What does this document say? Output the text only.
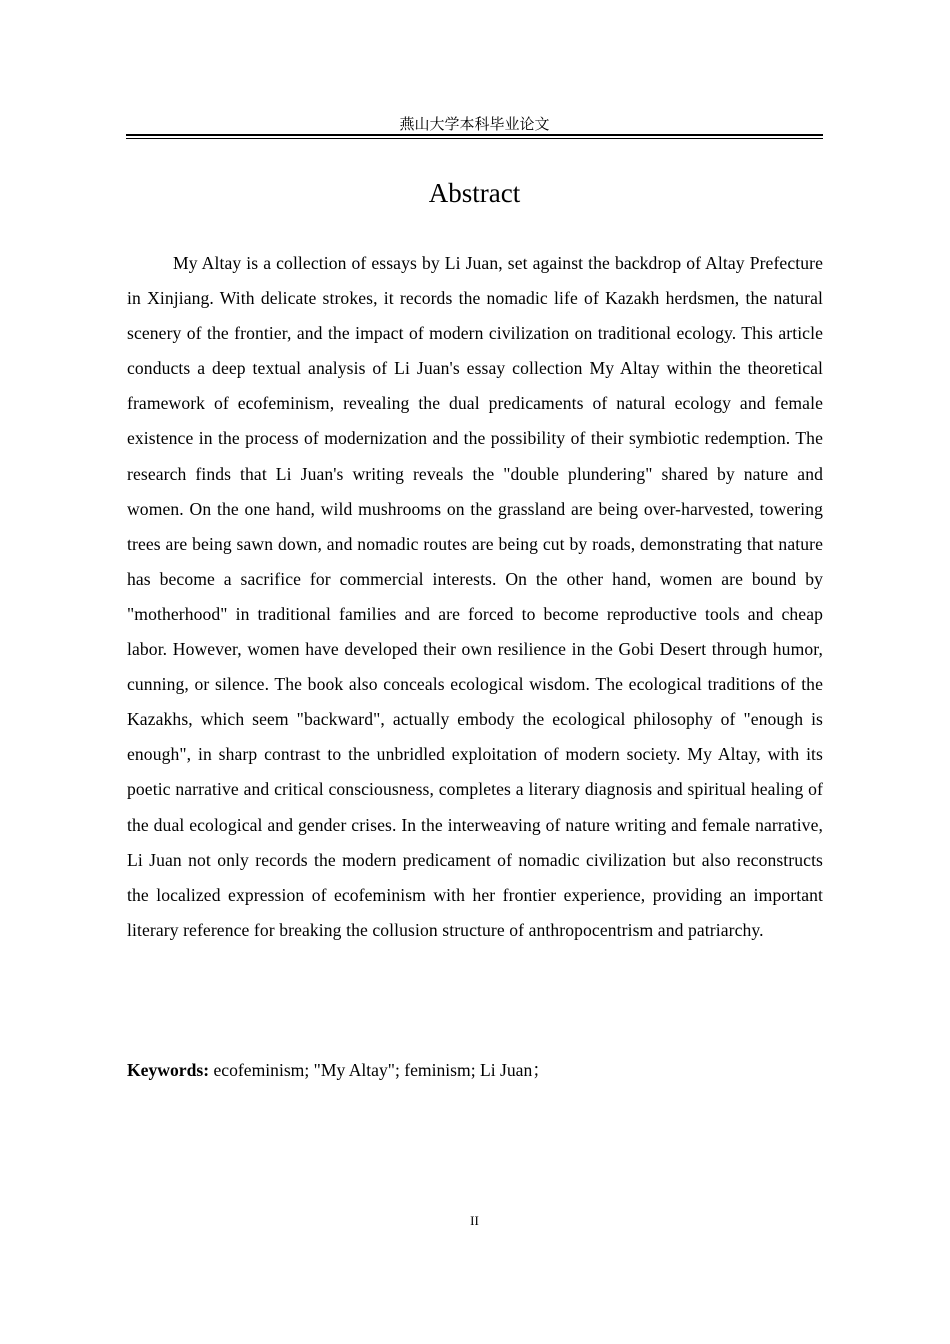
燕山大学本科毕业论文
Abstract

My Altay is a collection of essays by Li Juan, set against the backdrop of Altay Prefecture in Xinjiang. With delicate strokes, it records the nomadic life of Kazakh herdsmen, the natural scenery of the frontier, and the impact of modern civilization on traditional ecology. This article conducts a deep textual analysis of Li Juan's essay collection My Altay within the theoretical framework of ecofeminism, revealing the dual predicaments of natural ecology and female existence in the process of modernization and the possibility of their symbiotic redemption. The research finds that Li Juan's writing reveals the "double plundering" shared by nature and women. On the one hand, wild mushrooms on the grassland are being over-harvested, towering trees are being sawn down, and nomadic routes are being cut by roads, demonstrating that nature has become a sacrifice for commercial interests. On the other hand, women are bound by "motherhood" in traditional families and are forced to become reproductive tools and cheap labor. However, women have developed their own resilience in the Gobi Desert through humor, cunning, or silence. The book also conceals ecological wisdom. The ecological traditions of the Kazakhs, which seem "backward", actually embody the ecological philosophy of "enough is enough", in sharp contrast to the unbridled exploitation of modern society. My Altay, with its poetic narrative and critical consciousness, completes a literary diagnosis and spiritual healing of the dual ecological and gender crises. In the interweaving of nature writing and female narrative, Li Juan not only records the modern predicament of nomadic civilization but also reconstructs the localized expression of ecofeminism with her frontier experience, providing an important literary reference for breaking the collusion structure of anthropocentrism and patriarchy.

Keywords: ecofeminism; "My Altay"; feminism; Li Juan；
II
